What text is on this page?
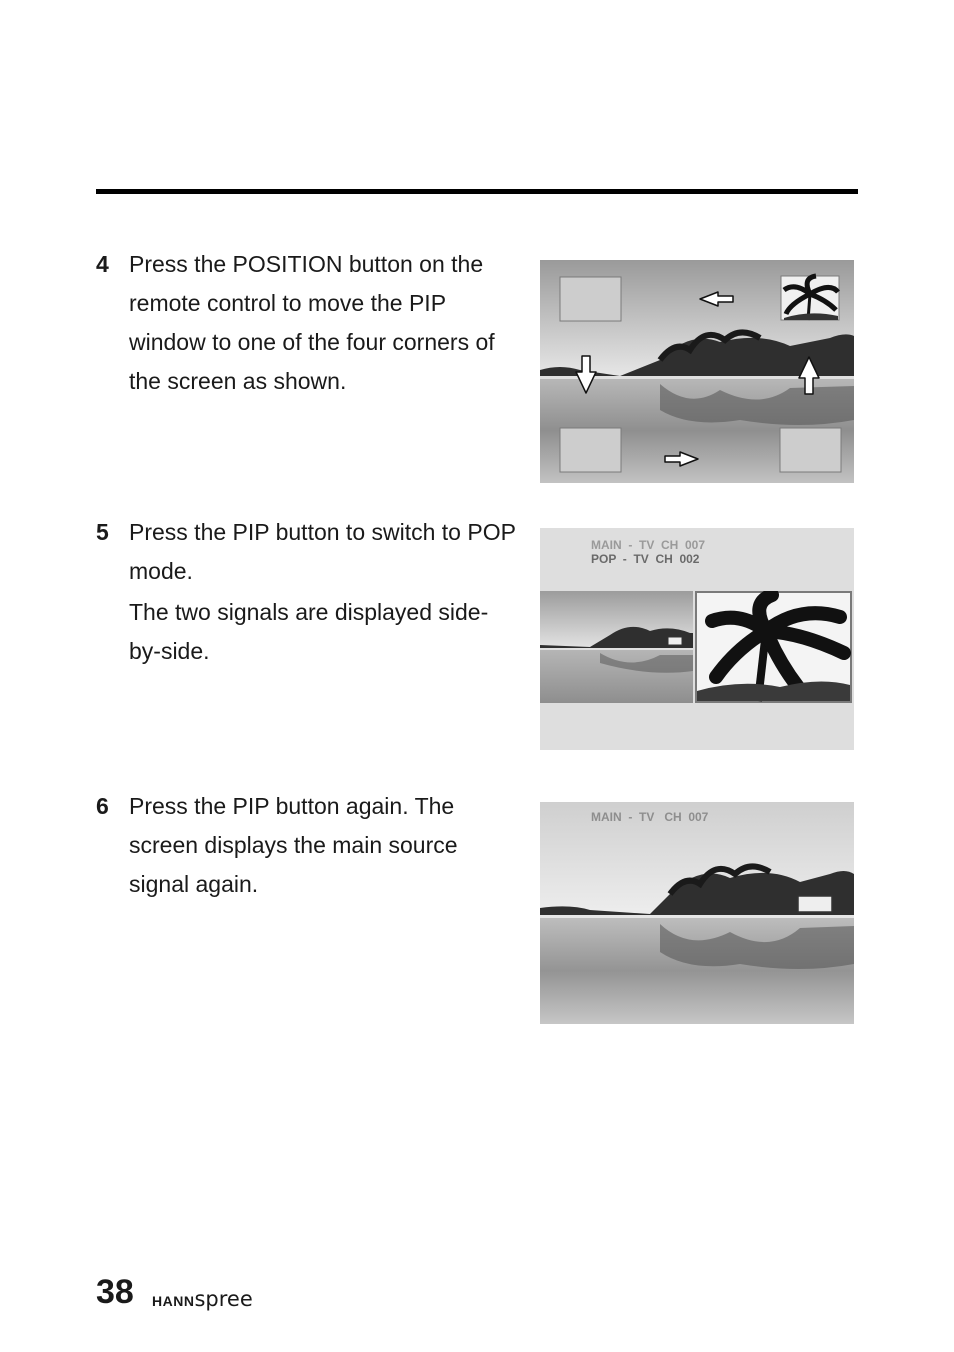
4 Press the POSITION button on the remote control to move the PIP window to one of the four corners of the screen as shown.

5 Press the PIP button to switch to POP mode.

The two signals are displayed side-by-side.

6 Press the PIP button again. The screen displays the main source signal again.

MAIN  -  TV  CH  007
POP  -  TV  CH  002
MAIN  -  TV   CH  007
38 HANNspree
